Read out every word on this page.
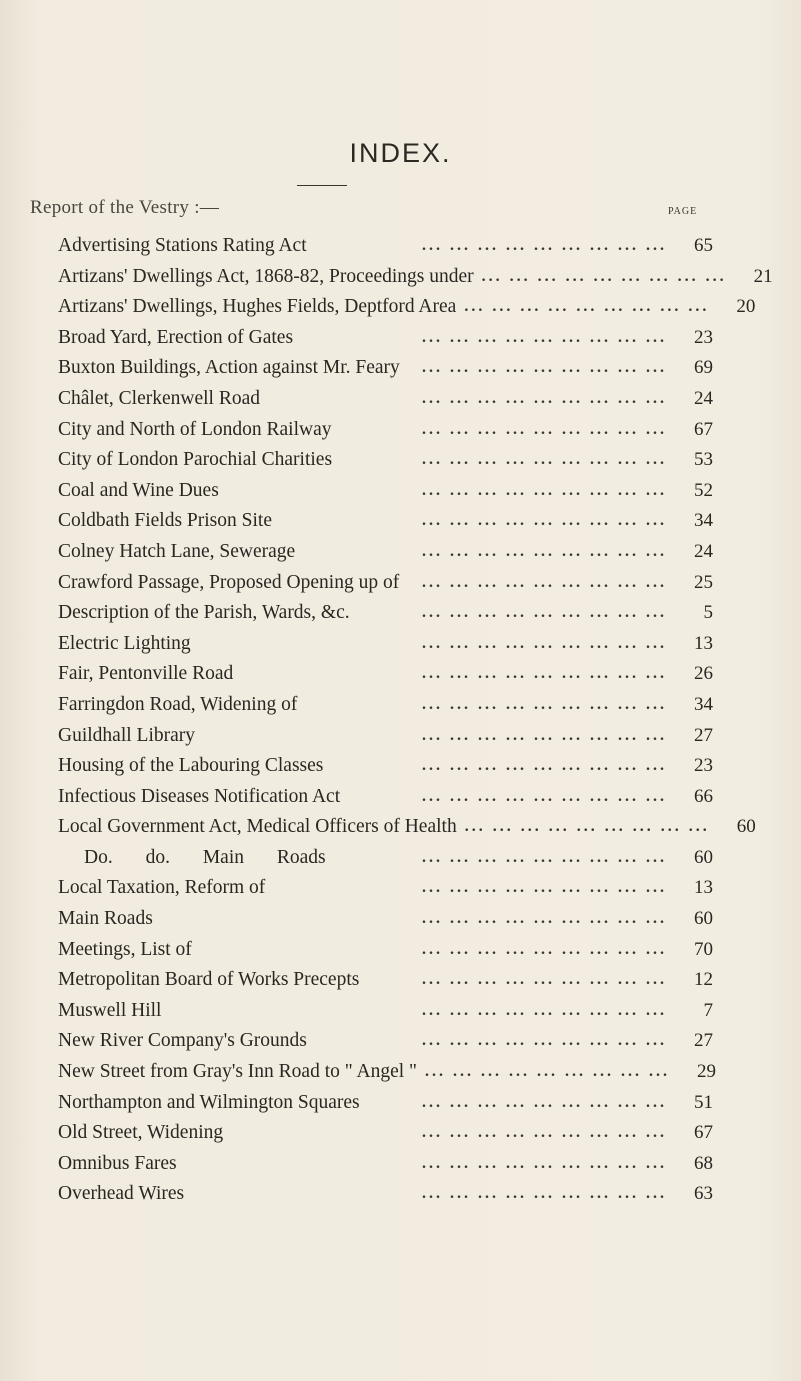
INDEX.
Report of the Vestry :—	PAGE
Advertising Stations Rating Act	... ... ... ... ... ... ... ... ...	65
Artizans' Dwellings Act, 1868-82, Proceedings under ... ... ... ... ... ... ... ... ...	21
Artizans' Dwellings, Hughes Fields, Deptford Area ... ... ... ... ... ... ... ... ...	20
Broad Yard, Erection of Gates	... ... ... ... ... ... ... ... ...	23
Buxton Buildings, Action against Mr. Feary	... ... ... ... ... ... ... ... ...	69
Châlet, Clerkenwell Road	... ... ... ... ... ... ... ... ...	24
City and North of London Railway	... ... ... ... ... ... ... ... ...	67
City of London Parochial Charities	... ... ... ... ... ... ... ... ...	53
Coal and Wine Dues	... ... ... ... ... ... ... ... ...	52
Coldbath Fields Prison Site	... ... ... ... ... ... ... ... ...	34
Colney Hatch Lane, Sewerage	... ... ... ... ... ... ... ... ...	24
Crawford Passage, Proposed Opening up of	... ... ... ... ... ... ... ... ...	25
Description of the Parish, Wards, &c.	... ... ... ... ... ... ... ... ...	5
Electric Lighting	... ... ... ... ... ... ... ... ...	13
Fair, Pentonville Road	... ... ... ... ... ... ... ... ...	26
Farringdon Road, Widening of	... ... ... ... ... ... ... ... ...	34
Guildhall Library	... ... ... ... ... ... ... ... ...	27
Housing of the Labouring Classes	... ... ... ... ... ... ... ... ...	23
Infectious Diseases Notification Act	... ... ... ... ... ... ... ... ...	66
Local Government Act, Medical Officers of Health ... ... ... ... ... ... ... ... ...	60
Do. do. Main Roads	... ... ... ... ... ... ... ... ...	60
Local Taxation, Reform of	... ... ... ... ... ... ... ... ...	13
Main Roads	... ... ... ... ... ... ... ... ...	60
Meetings, List of	... ... ... ... ... ... ... ... ...	70
Metropolitan Board of Works Precepts	... ... ... ... ... ... ... ... ...	12
Muswell Hill	... ... ... ... ... ... ... ... ...	7
New River Company's Grounds	... ... ... ... ... ... ... ... ...	27
New Street from Gray's Inn Road to " Angel " ... ... ... ... ... ... ... ... ...	29
Northampton and Wilmington Squares	... ... ... ... ... ... ... ... ...	51
Old Street, Widening	... ... ... ... ... ... ... ... ...	67
Omnibus Fares	... ... ... ... ... ... ... ... ...	68
Overhead Wires	... ... ... ... ... ... ... ... ...	63
